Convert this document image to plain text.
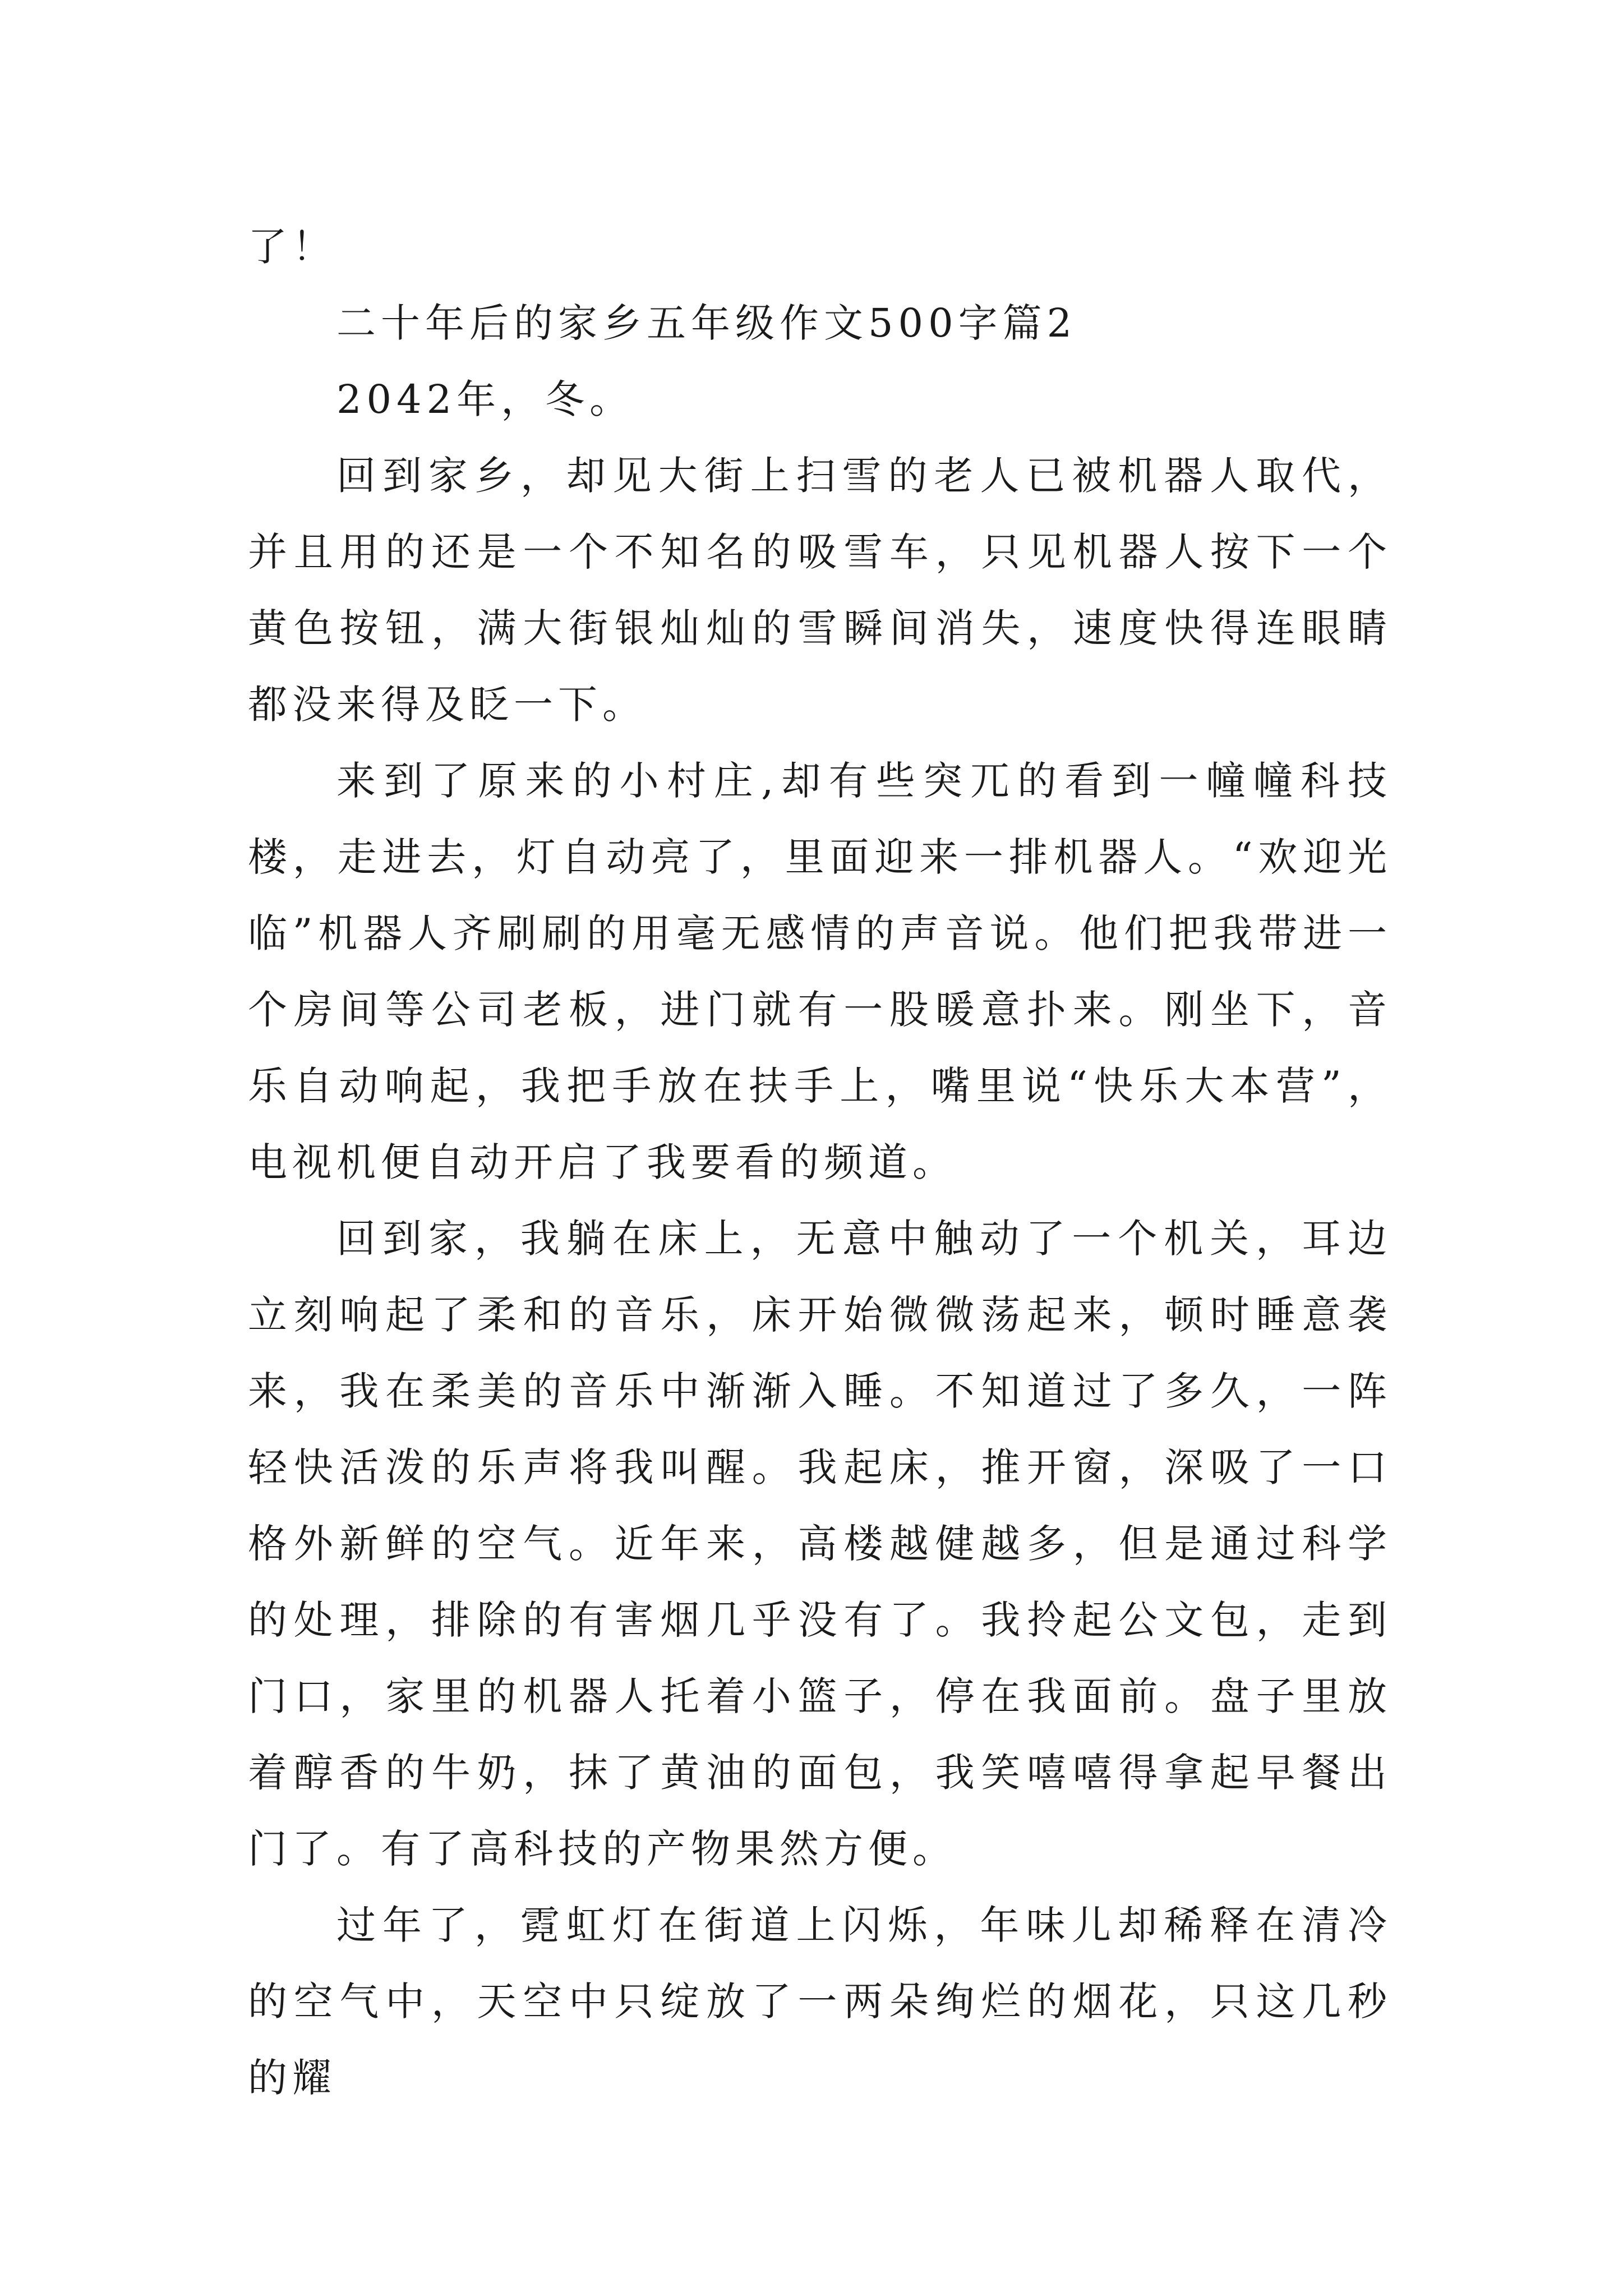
了！

二十年后的家乡五年级作文500字篇2

2042年，冬。

回到家乡，却见大街上扫雪的老人已被机器人取代，并且用的还是一个不知名的吸雪车，只见机器人按下一个黄色按钮，满大街银灿灿的雪瞬间消失，速度快得连眼睛都没来得及眨一下。

来到了原来的小村庄,却有些突兀的看到一幢幢科技楼，走进去，灯自动亮了，里面迎来一排机器人。“欢迎光临”机器人齐刷刷的用毫无感情的声音说。他们把我带进一个房间等公司老板，进门就有一股暖意扑来。刚坐下，音乐自动响起，我把手放在扶手上，嘴里说“快乐大本营”，电视机便自动开启了我要看的频道。

回到家，我躺在床上，无意中触动了一个机关，耳边立刻响起了柔和的音乐，床开始微微荡起来，顿时睡意袭来，我在柔美的音乐中渐渐入睡。不知道过了多久，一阵轻快活泼的乐声将我叫醒。我起床，推开窗，深吸了一口格外新鲜的空气。近年来，高楼越健越多，但是通过科学的处理，排除的有害烟几乎没有了。我拎起公文包，走到门口，家里的机器人托着小篮子，停在我面前。盘子里放着醇香的牛奶，抹了黄油的面包，我笑嘻嘻得拿起早餐出门了。有了高科技的产物果然方便。

过年了，霓虹灯在街道上闪烁，年味儿却稀释在清冷的空气中，天空中只绽放了一两朵绚烂的烟花，只这几秒的耀
